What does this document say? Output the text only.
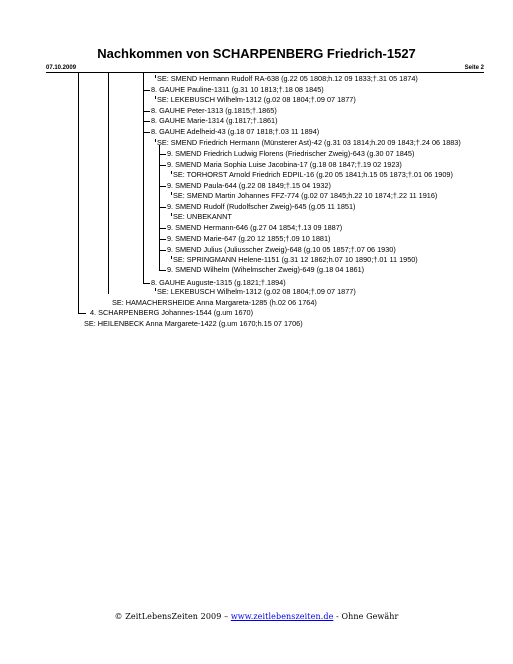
Nachkommen von SCHARPENBERG Friedrich-1527
07.10.2009	Seite 2
SE: SMEND Hermann Rudolf RA-638 (g.22 05 1808;h.12 09 1833;†.31 05 1874)
8. GAUHE Pauline-1311 (g.31 10 1813;†.18 08 1845)
SE: LEKEBUSCH Wilhelm-1312 (g.02 08 1804;†.09 07 1877)
8. GAUHE Peter-1313 (g.1815;†.1865)
8. GAUHE Marie-1314 (g.1817;†.1861)
8. GAUHE Adelheid-43 (g.18 07 1818;†.03 11 1894)
SE: SMEND Friedrich Hermann (Münsterer Ast)-42 (g.31 03 1814;h.20 09 1843;†.24 06 1883)
9. SMEND Friedrich Ludwig Florens (Friedrischer Zweig)-643 (g.30 07 1845)
9. SMEND Maria Sophia Luise Jacobina-17 (g.18 08 1847;†.19 02 1923)
SE: TORHORST Arnold Friedrich EDPIL-16 (g.20 05 1841;h.15 05 1873;†.01 06 1909)
9. SMEND Paula-644 (g.22 08 1849;†.15 04 1932)
SE: SMEND Martin Johannes FFZ-774 (g.02 07 1845;h.22 10 1874;†.22 11 1916)
9. SMEND Rudolf (Rudolfscher Zweig)-645 (g.05 11 1851)
SE: UNBEKANNT
9. SMEND Hermann-646 (g.27 04 1854;†.13 09 1887)
9. SMEND Marie-647 (g.20 12 1855;†.09 10 1881)
9. SMEND Julius (Juliusscher Zweig)-648 (g.10 05 1857;†.07 06 1930)
SE: SPRINGMANN Helene-1151 (g.31 12 1862;h.07 10 1890;†.01 11 1950)
9. SMEND Wilhelm (Wihelmscher Zweig)-649 (g.18 04 1861)
8. GAUHE Auguste-1315 (g.1821;†.1894)
SE: LEKEBUSCH Wilhelm-1312 (g.02 08 1804;†.09 07 1877)
SE: HAMACHERSHEIDE Anna Margareta-1285 (h.02 06 1764)
4. SCHARPENBERG Johannes-1544 (g.um 1670)
SE: HEILENBECK Anna Margarete-1422 (g.um 1670;h.15 07 1706)
© ZeitLebensZeiten 2009 – www.zeitlebenszeiten.de - Ohne Gewähr
